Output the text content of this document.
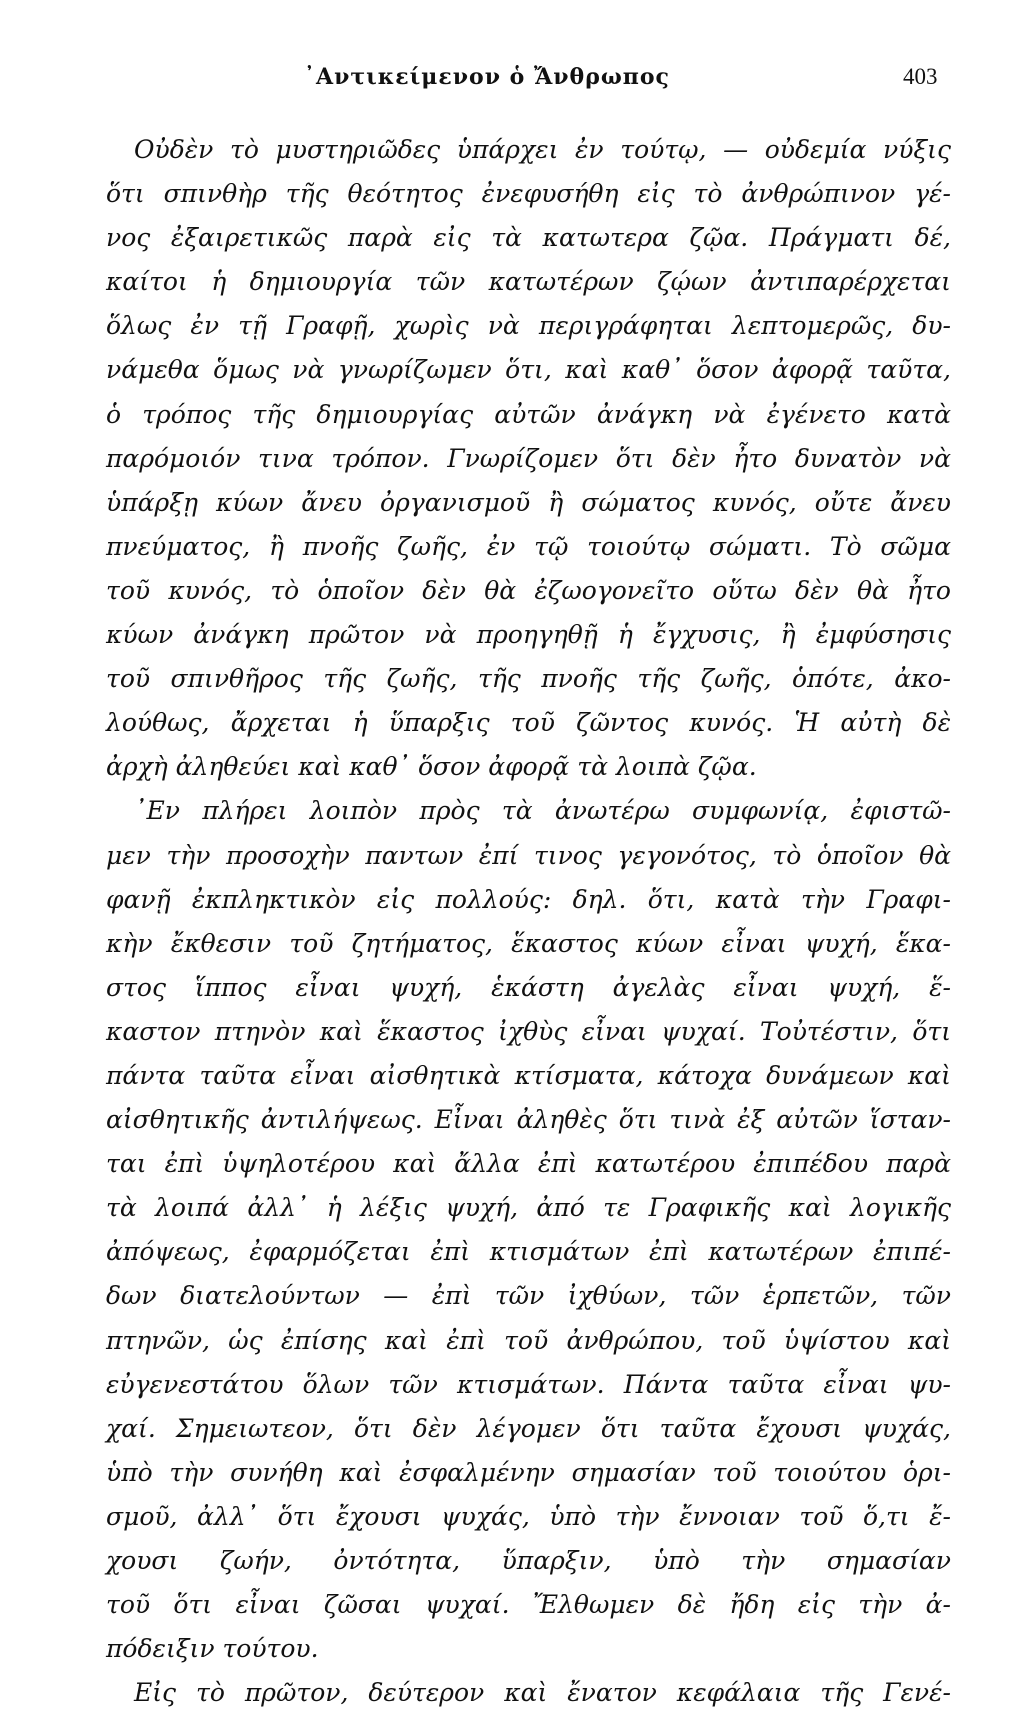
᾿Αντικείμενον ὁ Ἄνθρωπος	403
Οὐδὲν τὸ μυστηριῶδες ὑπάρχει ἐν τούτῳ, — οὐδεμία νύξις
ὅτι σπινθὴρ τῆς θεότητος ἐνεφυσήθη εἰς τὸ ἀνθρώπινον γέ-
νος ἐξαιρετικῶς παρὰ εἰς τὰ κατωτερα ζῷα. Πράγματι δέ,
καίτοι ἡ δημιουργία τῶν κατωτέρων ζῴων ἀντιπαρέρχεται
ὅλως ἐν τῇ Γραφῇ, χωρὶς νὰ περιγράφηται λεπτομερῶς, δυ-
νάμεθα ὅμως νὰ γνωρίζωμεν ὅτι, καὶ καθ᾿ ὅσον ἀφορᾷ ταῦτα,
ὁ τρόπος τῆς δημιουργίας αὐτῶν ἀνάγκη νὰ ἐγένετο κατὰ
παρόμοιόν τινα τρόπον. Γνωρίζομεν ὅτι δὲν ἦτο δυνατὸν νὰ
ὑπάρξῃ κύων ἄνευ ὀργανισμοῦ ἢ σώματος κυνός, οὔτε ἄνευ
πνεύματος, ἢ πνοῆς ζωῆς, ἐν τῷ τοιούτῳ σώματι. Τὸ σῶμα
τοῦ κυνός, τὸ ὁποῖον δὲν θὰ ἐζωογονεῖτο οὕτω δὲν θὰ ἦτο
κύων ἀνάγκη πρῶτον νὰ προηγηθῇ ἡ ἔγχυσις, ἢ ἐμφύσησις
τοῦ σπινθῆρος τῆς ζωῆς, τῆς πνοῆς τῆς ζωῆς, ὁπότε, ἀκο-
λούθως, ἄρχεται ἡ ὕπαρξις τοῦ ζῶντος κυνός. Ἡ αὐτὴ δὲ
ἀρχὴ ἀληθεύει καὶ καθ᾿ ὅσον ἀφορᾷ τὰ λοιπὰ ζῷα.
᾿Εν πλήρει λοιπὸν πρὸς τὰ ἀνωτέρω συμφωνίᾳ, ἐφιστῶ-
μεν τὴν προσοχὴν παντων ἐπί τινος γεγονότος, τὸ ὁποῖον θὰ
φανῇ ἐκπληκτικὸν εἰς πολλούς: δηλ. ὅτι, κατὰ τὴν Γραφι-
κὴν ἔκθεσιν τοῦ ζητήματος, ἕκαστος κύων εἶναι ψυχή, ἕκα-
στος ἵππος εἶναι ψυχή, ἑκάστη ἀγελὰς εἶναι ψυχή, ἕ-
καστον πτηνὸν καὶ ἕκαστος ἰχθὺς εἶναι ψυχαί. Τοὐτέστιν, ὅτι
πάντα ταῦτα εἶναι αἰσθητικὰ κτίσματα, κάτοχα δυνάμεων καὶ
αἰσθητικῆς ἀντιλήψεως. Εἶναι ἀληθὲς ὅτι τινὰ ἐξ αὐτῶν ἵσταν-
ται ἐπὶ ὑψηλοτέρου καὶ ἄλλα ἐπὶ κατωτέρου ἐπιπέδου παρὰ
τὰ λοιπά ἀλλ᾿ ἡ λέξις ψυχή, ἀπό τε Γραφικῆς καὶ λογικῆς
ἀπόψεως, ἐφαρμόζεται ἐπὶ κτισμάτων ἐπὶ κατωτέρων ἐπιπέ-
δων διατελούντων — ἐπὶ τῶν ἰχθύων, τῶν ἑρπετῶν, τῶν
πτηνῶν, ὡς ἐπίσης καὶ ἐπὶ τοῦ ἀνθρώπου, τοῦ ὑψίστου καὶ
εὐγενεστάτου ὅλων τῶν κτισμάτων. Πάντα ταῦτα εἶναι ψυ-
χαί. Σημειωτεον, ὅτι δὲν λέγομεν ὅτι ταῦτα ἔχουσι ψυχάς,
ὑπὸ τὴν συνήθη καὶ ἐσφαλμένην σημασίαν τοῦ τοιούτου ὁρι-
σμοῦ, ἀλλ᾿ ὅτι ἔχουσι ψυχάς, ὑπὸ τὴν ἔννοιαν τοῦ ὅ,τι ἔ-
χουσι ζωήν, ὀντότητα, ὕπαρξιν, ὑπὸ τὴν σημασίαν
τοῦ ὅτι εἶναι ζῶσαι ψυχαί. Ἔλθωμεν δὲ ἤδη εἰς τὴν ἀ-
πόδειξιν τούτου.
Εἰς τὸ πρῶτον, δεύτερον καὶ ἔνατον κεφάλαια τῆς Γενέ-
